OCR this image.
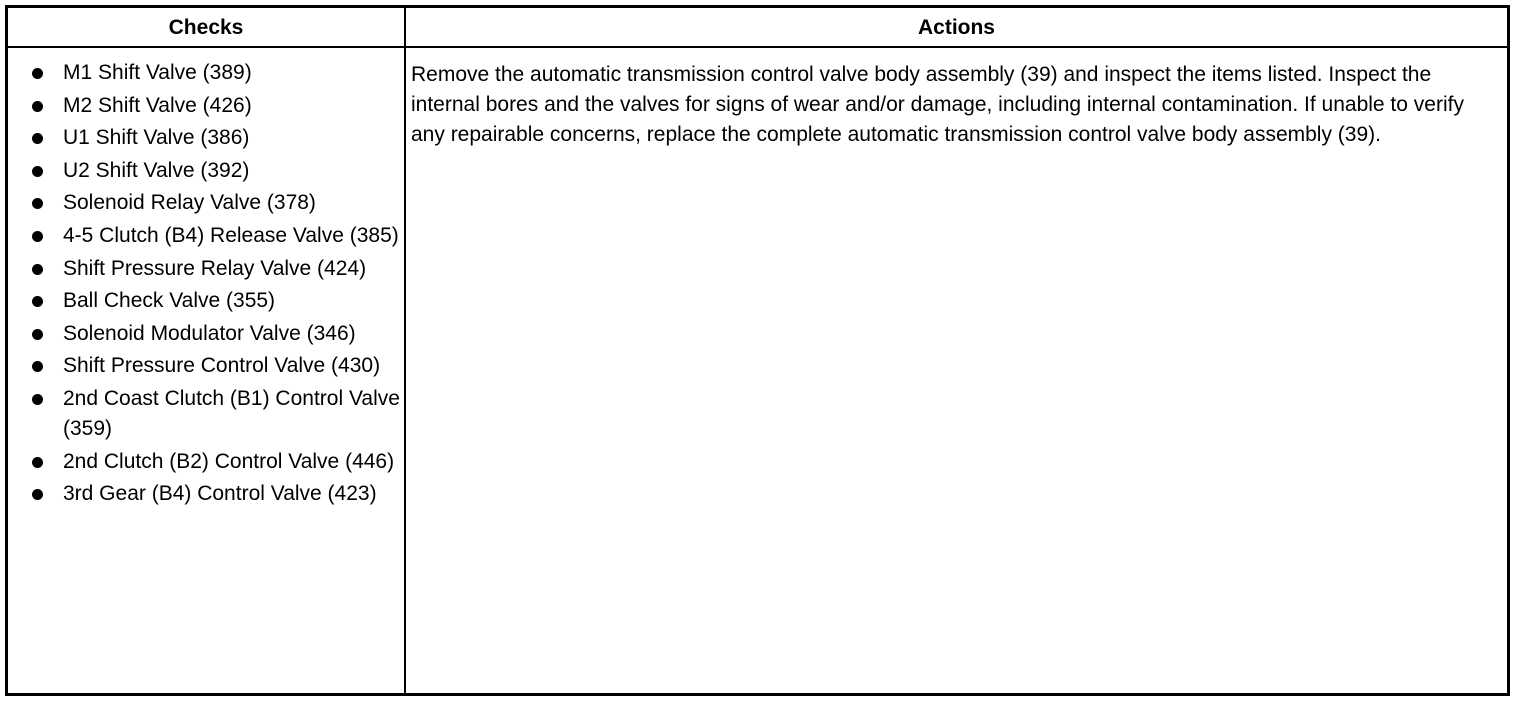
Checks	Actions
M1 Shift Valve (389)
M2 Shift Valve (426)
U1 Shift Valve (386)
U2 Shift Valve (392)
Solenoid Relay Valve (378)
4-5 Clutch (B4) Release Valve (385)
Shift Pressure Relay Valve (424)
Ball Check Valve (355)
Solenoid Modulator Valve (346)
Shift Pressure Control Valve (430)
2nd Coast Clutch (B1) Control Valve (359)
2nd Clutch (B2) Control Valve (446)
3rd Gear (B4) Control Valve (423)

Remove the automatic transmission control valve body assembly (39) and inspect the items listed. Inspect the internal bores and the valves for signs of wear and/or damage, including internal contamination. If unable to verify any repairable concerns, replace the complete automatic transmission control valve body assembly (39).
